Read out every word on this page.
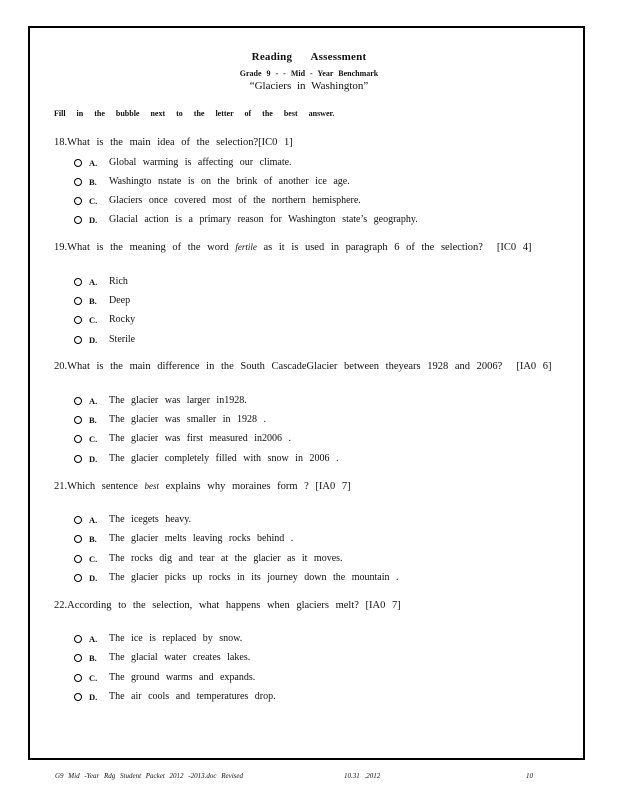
Reading Assessment
Grade 9 - - Mid - Year Benchmark
“Glaciers in Washington”
Fill in the bubble next to the letter of the best answer.
18.What is the main idea of the selection?[IC0 1]
A.	Global warming is affecting our climate.
B.	Washingto nstate is on the brink of another ice age.
C.	Glaciers once covered most of the northern hemisphere.
D.	Glacial action is a primary reason for Washington state’s geography.
19.What is the meaning of the word fertile as it is used in paragraph 6 of the selection? [IC0 4]
A.	Rich
B.	Deep
C.	Rocky
D.	Sterile
20.What is the main difference in the South CascadeGlacier between theyears 1928 and 2006? [IA0 6]
A.	The glacier was larger in1928.
B.	The glacier was smaller in 1928 .
C.	The glacier was first measured in2006 .
D.	The glacier completely filled with snow in 2006 .
21.Which sentence best explains why moraines form ? [IA0 7]
A.	The icegets heavy.
B.	The glacier melts leaving rocks behind .
C.	The rocks dig and tear at the glacier as it moves.
D.	The glacier picks up rocks in its journey down the mountain .
22.According to the selection, what happens when glaciers melt? [IA0 7]
A.	The ice is replaced by snow.
B.	The glacial water creates lakes.
C.	The ground warms and expands.
D.	The air cools and temperatures drop.
G9 Mid -Year Rdg Student Packet 2012 -2013.doc Revised	10.31 .2012	10
